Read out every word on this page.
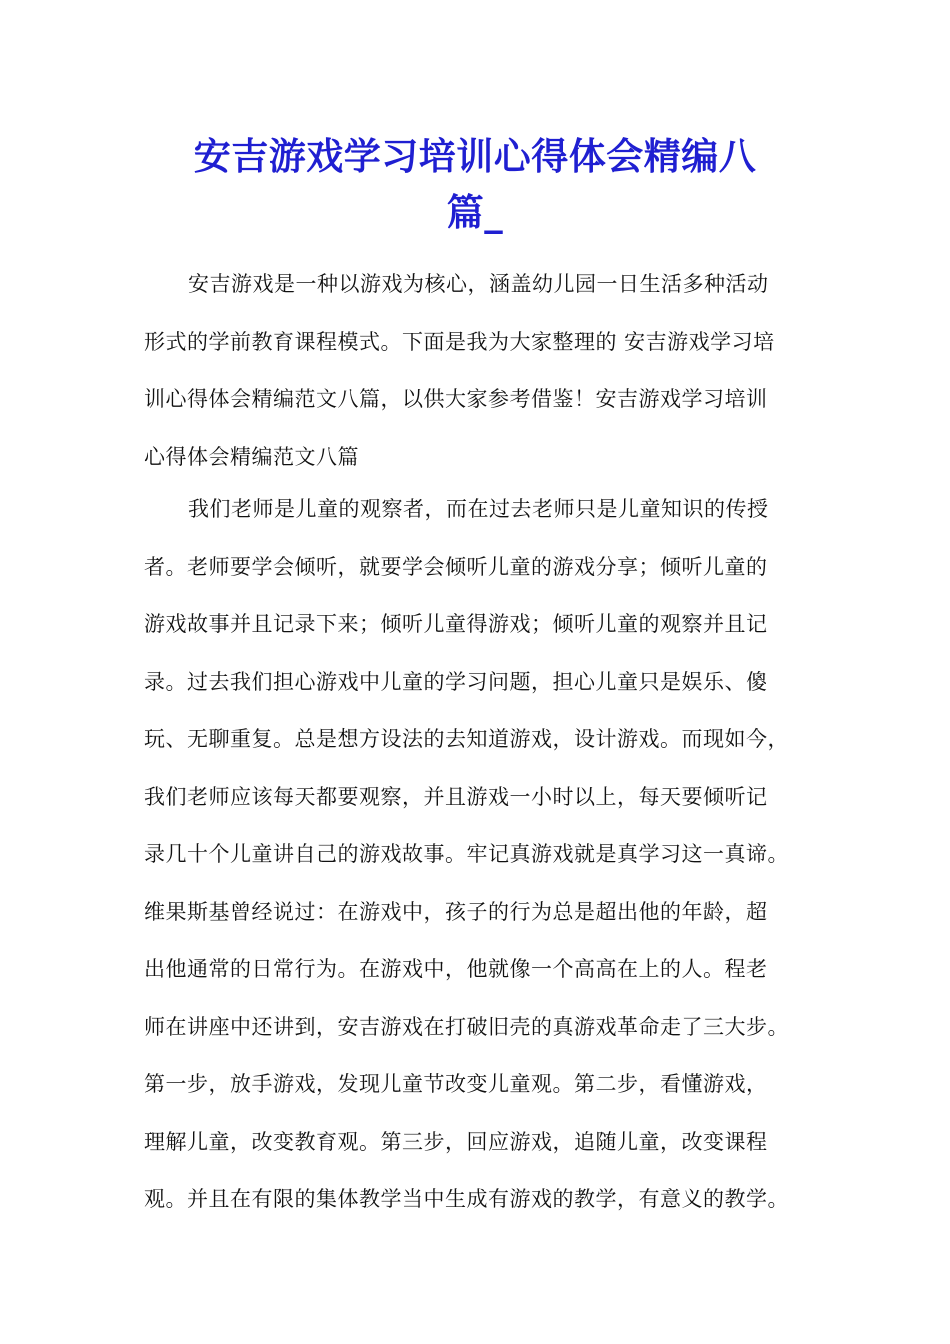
安吉游戏学习培训心得体会精编八
篇_
安吉游戏是一种以游戏为核心，涵盖幼儿园一日生活多种活动
形式的学前教育课程模式。下面是我为大家整理的 安吉游戏学习培
训心得体会精编范文八篇，以供大家参考借鉴！安吉游戏学习培训
心得体会精编范文八篇
我们老师是儿童的观察者，而在过去老师只是儿童知识的传授
者。老师要学会倾听，就要学会倾听儿童的游戏分享；倾听儿童的
游戏故事并且记录下来；倾听儿童得游戏；倾听儿童的观察并且记
录。过去我们担心游戏中儿童的学习问题，担心儿童只是娱乐、傻
玩、无聊重复。总是想方设法的去知道游戏，设计游戏。而现如今，
我们老师应该每天都要观察，并且游戏一小时以上，每天要倾听记
录几十个儿童讲自己的游戏故事。牢记真游戏就是真学习这一真谛。
维果斯基曾经说过：在游戏中，孩子的行为总是超出他的年龄，超
出他通常的日常行为。在游戏中，他就像一个高高在上的人。程老
师在讲座中还讲到，安吉游戏在打破旧壳的真游戏革命走了三大步。
第一步，放手游戏，发现儿童节改变儿童观。第二步，看懂游戏，
理解儿童，改变教育观。第三步，回应游戏，追随儿童，改变课程
观。并且在有限的集体教学当中生成有游戏的教学，有意义的教学。
